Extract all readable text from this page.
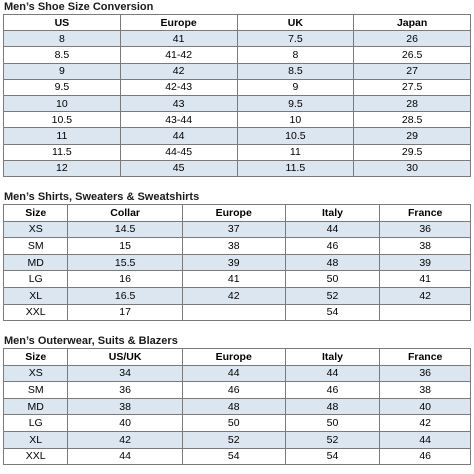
Men’s Shoe Size Conversion
US	Europe	UK	Japan
8	41	7.5	26
8.5	41-42	8	26.5
9	42	8.5	27
9.5	42-43	9	27.5
10	43	9.5	28
10.5	43-44	10	28.5
11	44	10.5	29
11.5	44-45	11	29.5
12	45	11.5	30
Men’s Shirts, Sweaters & Sweatshirts
Size	Collar	Europe	Italy	France
XS	14.5	37	44	36
SM	15	38	46	38
MD	15.5	39	48	39
LG	16	41	50	41
XL	16.5	42	52	42
XXL	17		54	
Men’s Outerwear, Suits & Blazers
Size	US/UK	Europe	Italy	France
XS	34	44	44	36
SM	36	46	46	38
MD	38	48	48	40
LG	40	50	50	42
XL	42	52	52	44
XXL	44	54	54	46
